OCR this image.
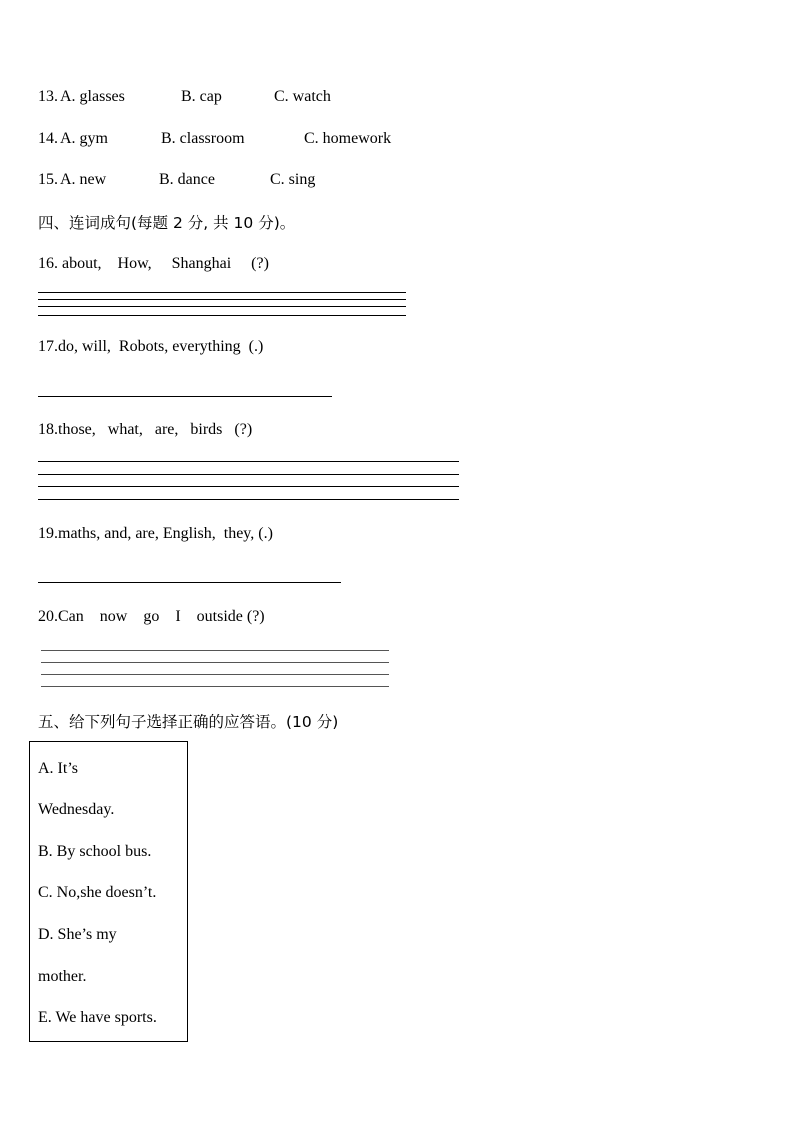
13. A. glasses	B. cap	C. watch
14. A. gym	B. classroom	C. homework
15. A. new	B. dance	C. sing
四、连词成句(每题 2 分, 共 10 分)。
16. about,    How,     Shanghai     (?)
17.do, will,  Robots, everything  (.)
18.those,   what,   are,   birds   (?)
19.maths, and, are, English,  they, (.)
20.Can    now    go    I    outside (?)
五、给下列句子选择正确的应答语。(10 分)
A. It’s
Wednesday.
B. By school bus.
C. No,she doesn’t.
D. She’s my
mother.
E. We have sports.
